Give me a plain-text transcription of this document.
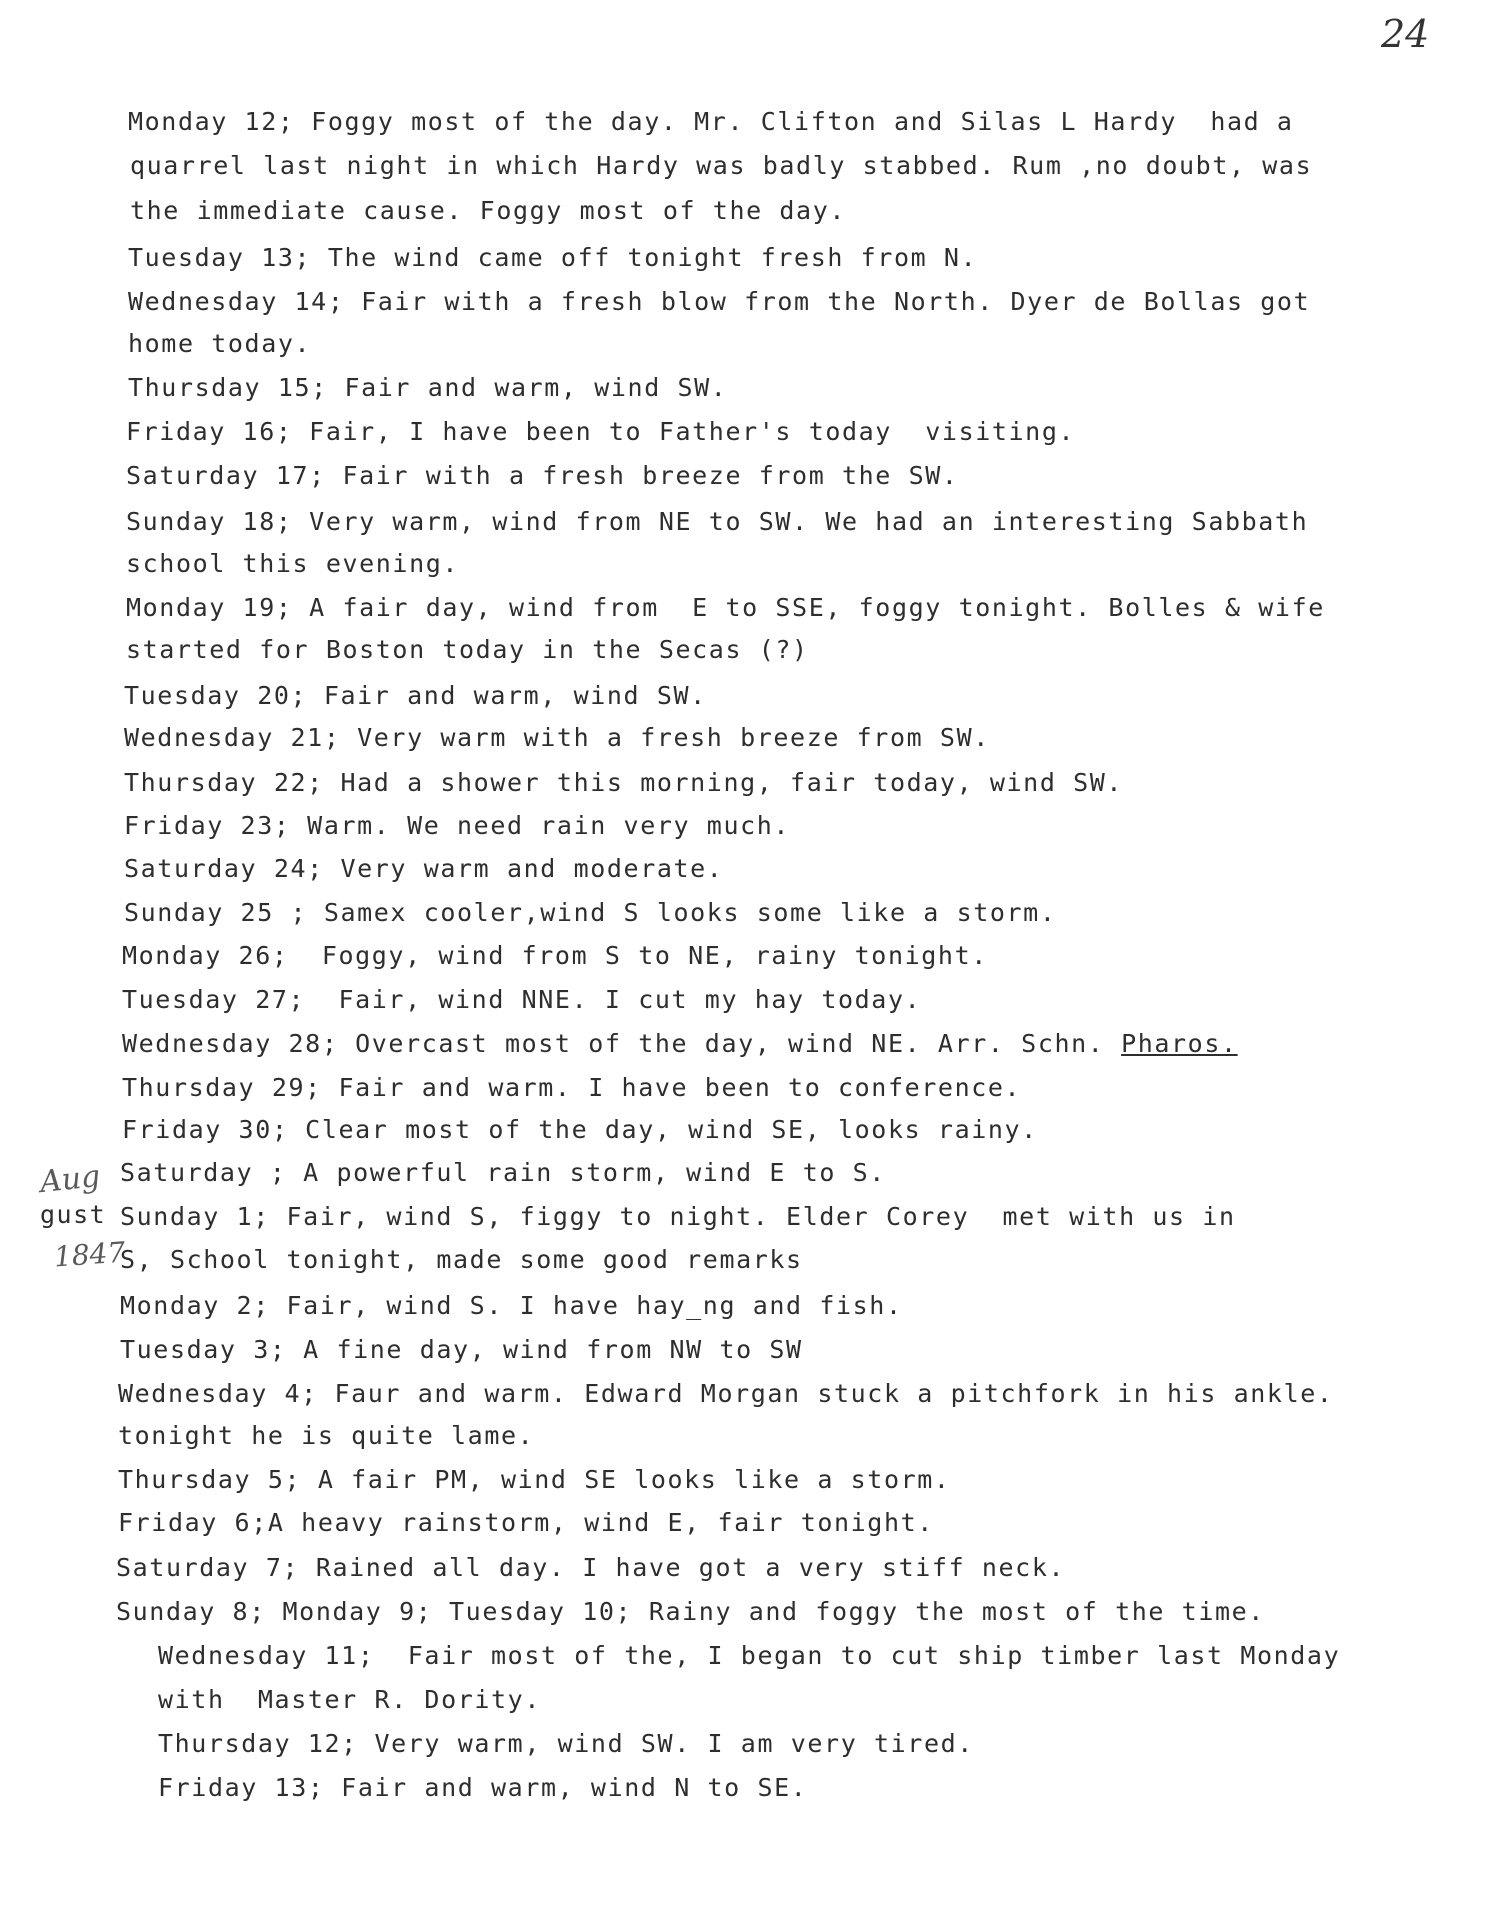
24
Aug
gust
1847
Monday 12; Foggy most of the day. Mr. Clifton and Silas L Hardy  had a
quarrel last night in which Hardy was badly stabbed. Rum ,no doubt, was
the immediate cause. Foggy most of the day.
Tuesday 13; The wind came off tonight fresh from N.
Wednesday 14; Fair with a fresh blow from the North. Dyer de Bollas got
home today.
Thursday 15; Fair and warm, wind SW.
Friday 16; Fair, I have been to Father's today  visiting.
Saturday 17; Fair with a fresh breeze from the SW.
Sunday 18; Very warm, wind from NE to SW. We had an interesting Sabbath
school this evening.
Monday 19; A fair day, wind from  E to SSE, foggy tonight. Bolles & wife
started for Boston today in the Secas (?)
Tuesday 20; Fair and warm, wind SW.
Wednesday 21; Very warm with a fresh breeze from SW.
Thursday 22; Had a shower this morning, fair today, wind SW.
Friday 23; Warm. We need rain very much.
Saturday 24; Very warm and moderate.
Sunday 25 ; Samex cooler,wind S looks some like a storm.
Monday 26;  Foggy, wind from S to NE, rainy tonight.
Tuesday 27;  Fair, wind NNE. I cut my hay today.
Wednesday 28; Overcast most of the day, wind NE. Arr. Schn. Pharos.
Thursday 29; Fair and warm. I have been to conference.
Friday 30; Clear most of the day, wind SE, looks rainy.
Saturday ; A powerful rain storm, wind E to S.
Sunday 1; Fair, wind S, figgy to night. Elder Corey  met with us in
S, School tonight, made some good remarks
Monday 2; Fair, wind S. I have hay_ng and fish.
Tuesday 3; A fine day, wind from NW to SW
Wednesday 4; Faur and warm. Edward Morgan stuck a pitchfork in his ankle.
tonight he is quite lame.
Thursday 5; A fair PM, wind SE looks like a storm.
Friday 6;A heavy rainstorm, wind E, fair tonight.
Saturday 7; Rained all day. I have got a very stiff neck.
Sunday 8; Monday 9; Tuesday 10; Rainy and foggy the most of the time.
Wednesday 11;  Fair most of the, I began to cut ship timber last Monday
with  Master R. Dority.
Thursday 12; Very warm, wind SW. I am very tired.
Friday 13; Fair and warm, wind N to SE.
